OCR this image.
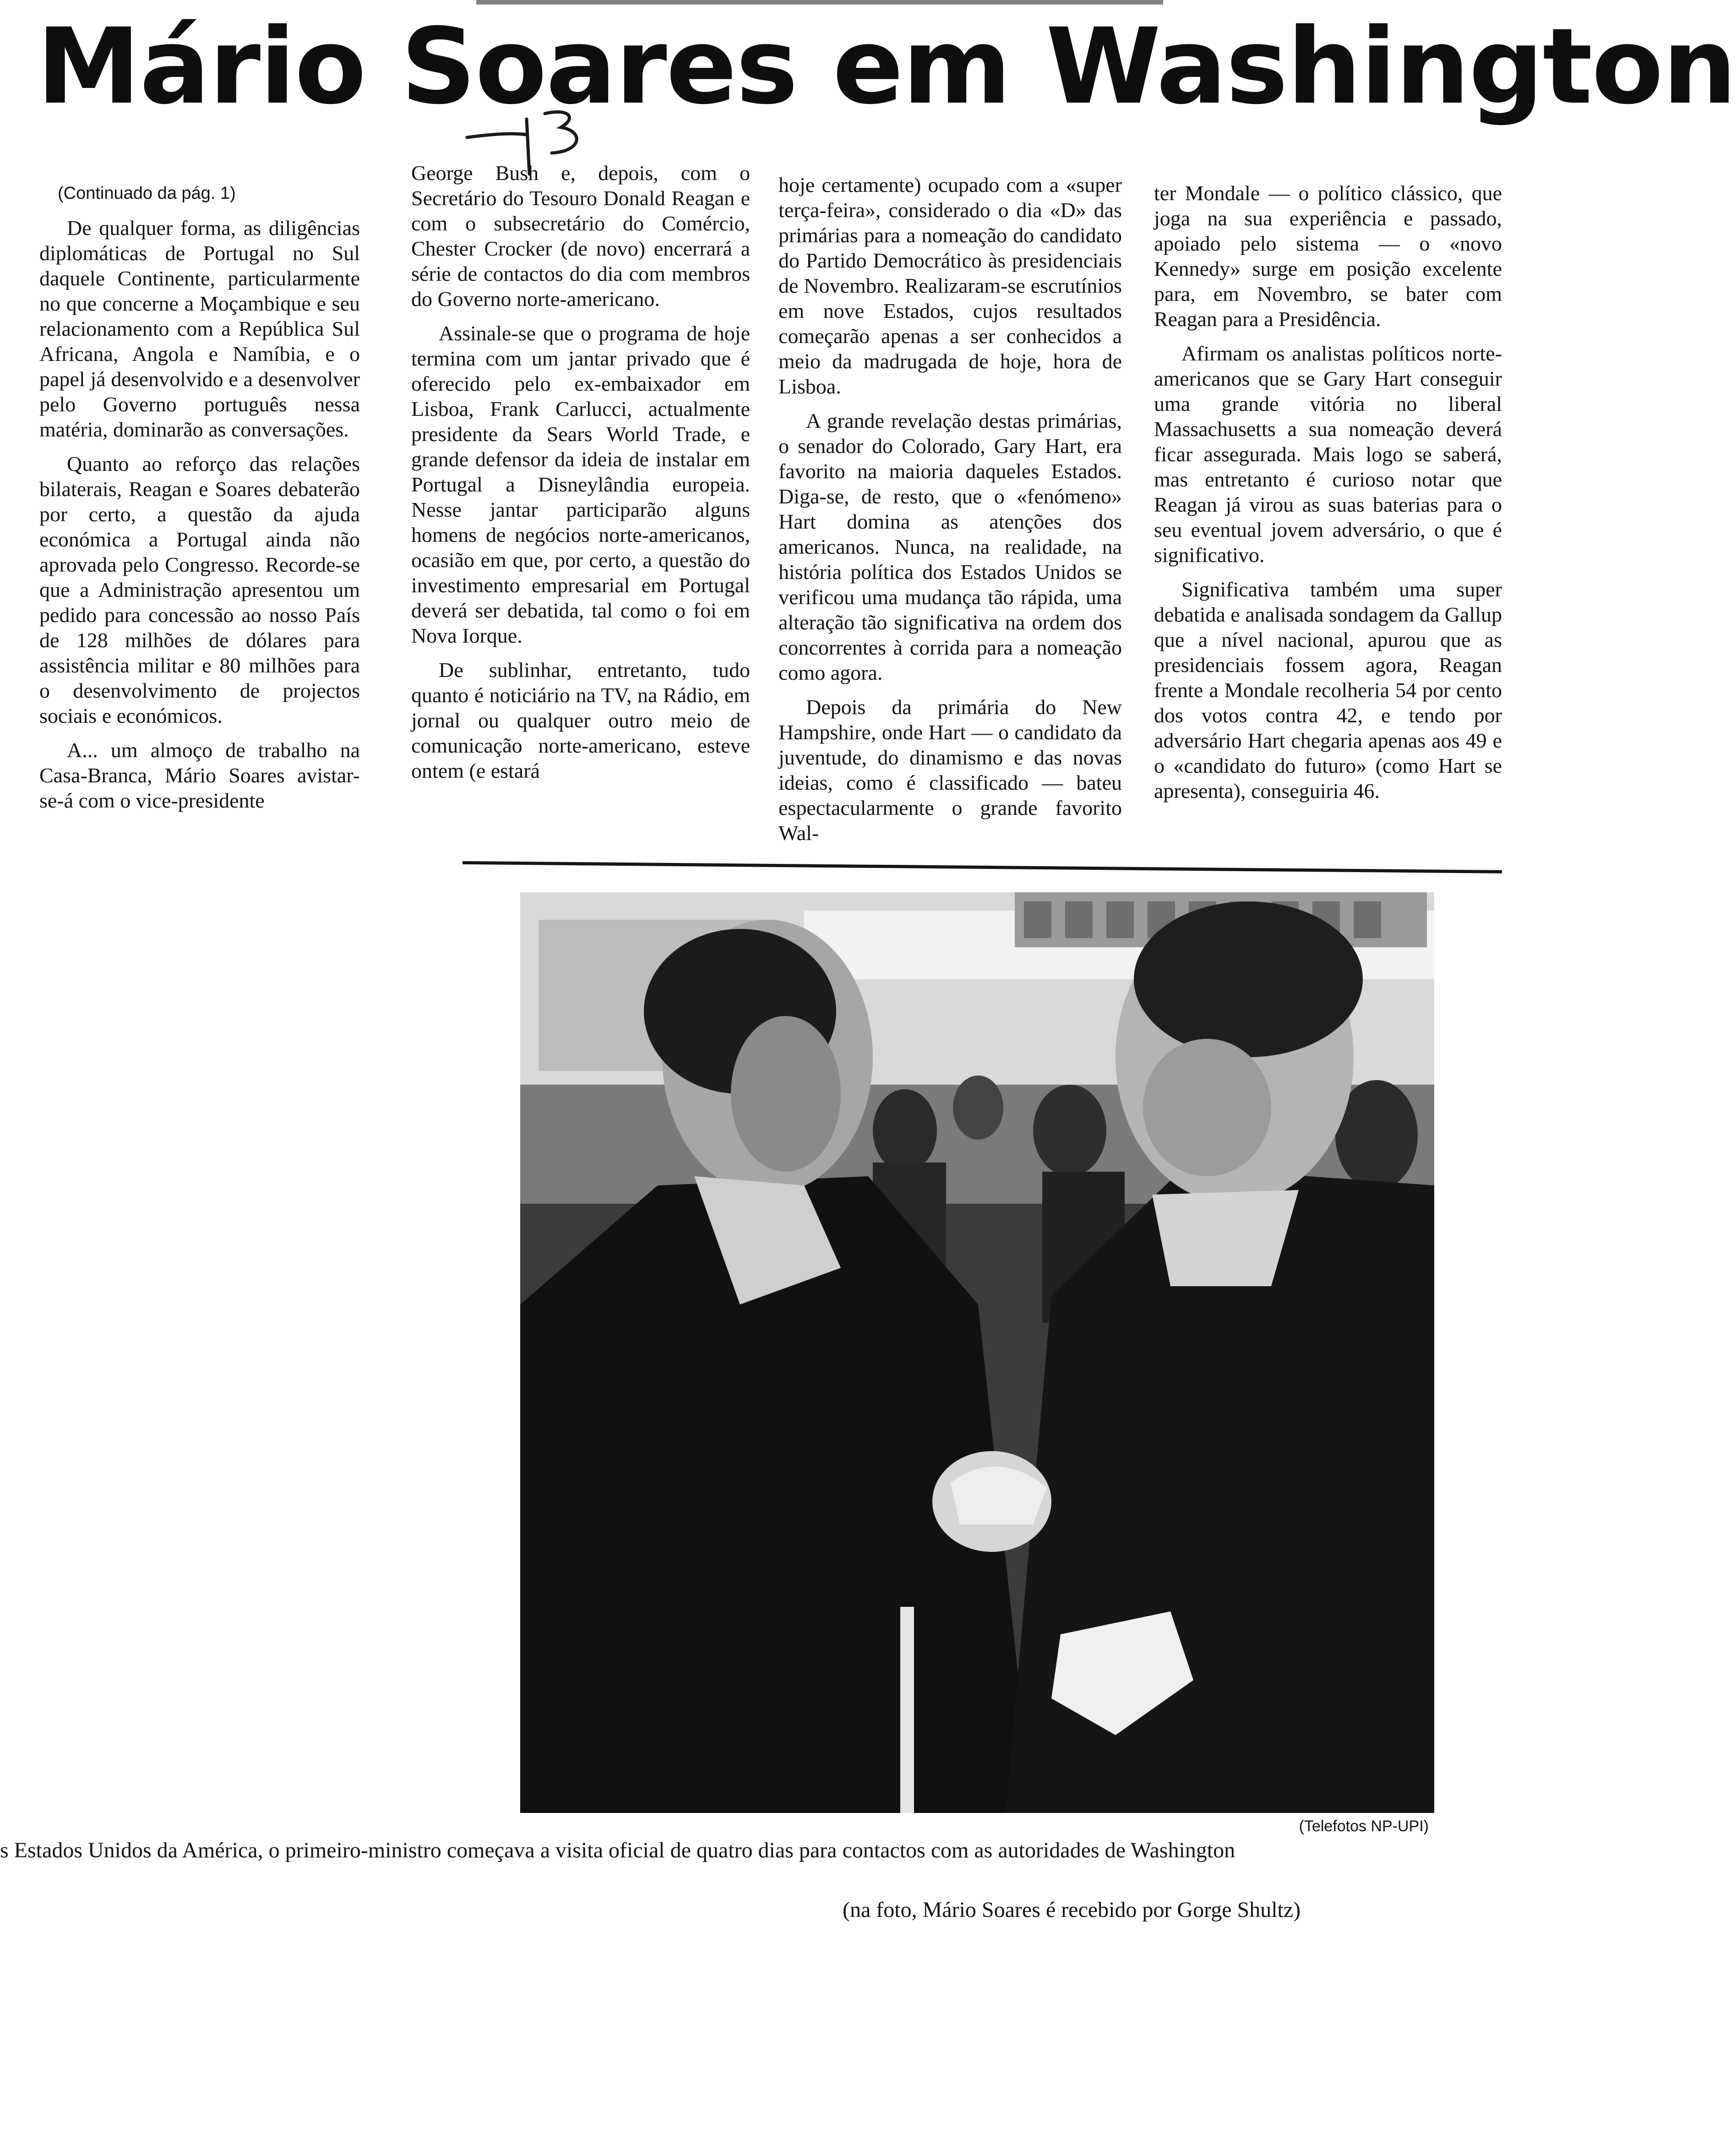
Mário Soares em Washington
(Continuado da pág. 1)

De qualquer forma, as diligências diplomáticas de Portugal no Sul daquele Continente, particularmente no que concerne a Moçambique e seu relacionamento com a República Sul Africana, Angola e Namíbia, e o papel já desenvolvido e a desenvolver pelo Governo português nessa matéria, dominarão as conversações.

Quanto ao reforço das relações bilaterais, Reagan e Soares debaterão por certo, a questão da ajuda económica a Portugal ainda não aprovada pelo Congresso. Recorde-se que a Administração apresentou um pedido para concessão ao nosso País de 128 milhões de dólares para assistência militar e 80 milhões para o desenvolvimento de projectos sociais e económicos.

A... um almoço de trabalho na Casa-Branca, Mário Soares avistar-se-á com o vice-presidente

George Bush e, depois, com o Secretário do Tesouro Donald Reagan e com o subsecretário do Comércio, Chester Crocker (de novo) encerrará a série de contactos do dia com membros do Governo norte-americano.

Assinale-se que o programa de hoje termina com um jantar privado que é oferecido pelo ex-embaixador em Lisboa, Frank Carlucci, actualmente presidente da Sears World Trade, e grande defensor da ideia de instalar em Portugal a Disneylândia europeia. Nesse jantar participarão alguns homens de negócios norte-americanos, ocasião em que, por certo, a questão do investimento empresarial em Portugal deverá ser debatida, tal como o foi em Nova Iorque.

De sublinhar, entretanto, tudo quanto é noticiário na TV, na Rádio, em jornal ou qualquer outro meio de comunicação norte-americano, esteve ontem (e estará

hoje certamente) ocupado com a «super terça-feira», considerado o dia «D» das primárias para a nomeação do candidato do Partido Democrático às presidenciais de Novembro. Realizaram-se escrutínios em nove Estados, cujos resultados começarão apenas a ser conhecidos a meio da madrugada de hoje, hora de Lisboa.

A grande revelação destas primárias, o senador do Colorado, Gary Hart, era favorito na maioria daqueles Estados. Diga-se, de resto, que o «fenómeno» Hart domina as atenções dos americanos. Nunca, na realidade, na história política dos Estados Unidos se verificou uma mudança tão rápida, uma alteração tão significativa na ordem dos concorrentes à corrida para a nomeação como agora.

Depois da primária do New Hampshire, onde Hart — o candidato da juventude, do dinamismo e das novas ideias, como é classificado — bateu espectacularmente o grande favorito Wal-

ter Mondale — o político clássico, que joga na sua experiência e passado, apoiado pelo sistema — o «novo Kennedy» surge em posição excelente para, em Novembro, se bater com Reagan para a Presidência.

Afirmam os analistas políticos norte-americanos que se Gary Hart conseguir uma grande vitória no liberal Massachusetts a sua nomeação deverá ficar assegurada. Mais logo se saberá, mas entretanto é curioso notar que Reagan já virou as suas baterias para o seu eventual jovem adversário, o que é significativo.

Significativa também uma super debatida e analisada sondagem da Gallup que a nível nacional, apurou que as presidenciais fossem agora, Reagan frente a Mondale recolheria 54 por cento dos votos contra 42, e tendo por adversário Hart chegaria apenas aos 49 e o «candidato do futuro» (como Hart se apresenta), conseguiria 46.

(Telefotos NP-UPI)

s Estados Unidos da América, o primeiro-ministro começava a visita oficial de quatro dias para contactos com as autoridades de Washington

(na foto, Mário Soares é recebido por Gorge Shultz)
